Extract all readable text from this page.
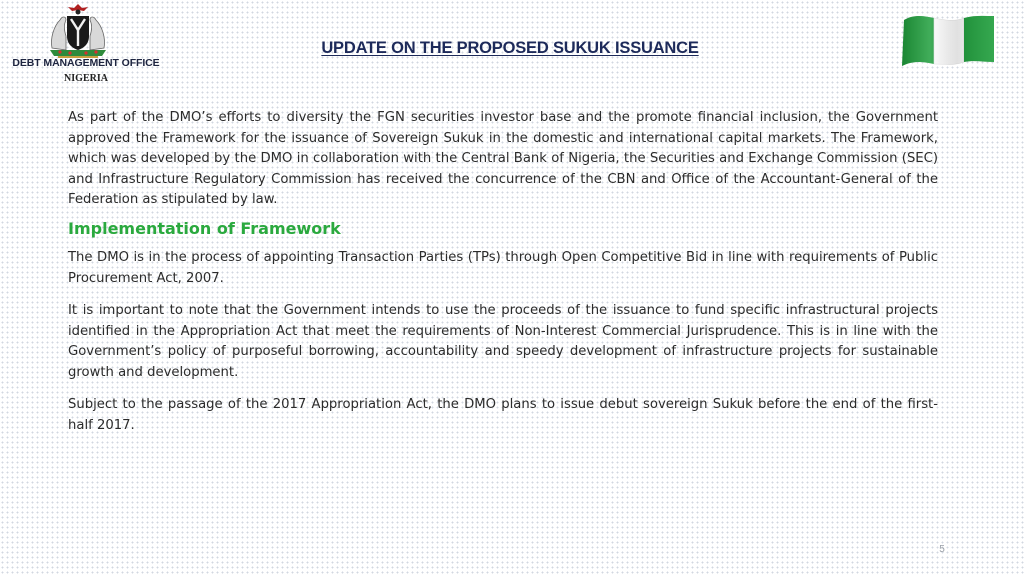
DEBT MANAGEMENT OFFICE
NIGERIA
UPDATE ON THE PROPOSED SUKUK ISSUANCE

As part of the DMO’s efforts to diversity the FGN securities investor base and the promote financial inclusion, the Government approved the Framework for the issuance of Sovereign Sukuk in the domestic and international capital markets. The Framework, which was developed by the DMO in collaboration with the Central Bank of Nigeria, the Securities and Exchange Commission (SEC) and Infrastructure Regulatory Commission has received the concurrence of the CBN and Office of the Accountant-General of the Federation as stipulated by law.

Implementation of Framework

The DMO is in the process of appointing Transaction Parties (TPs) through Open Competitive Bid in line with requirements of Public Procurement Act, 2007.

It is important to note that the Government intends to use the proceeds of the issuance to fund specific infrastructural projects identified in the Appropriation Act that meet the requirements of Non-Interest Commercial Jurisprudence. This is in line with the Government’s policy of purposeful borrowing, accountability and speedy development of infrastructure projects for sustainable growth and development.

Subject to the passage of the 2017 Appropriation Act, the DMO plans to issue debut sovereign Sukuk before the end of the first-half 2017.

5
